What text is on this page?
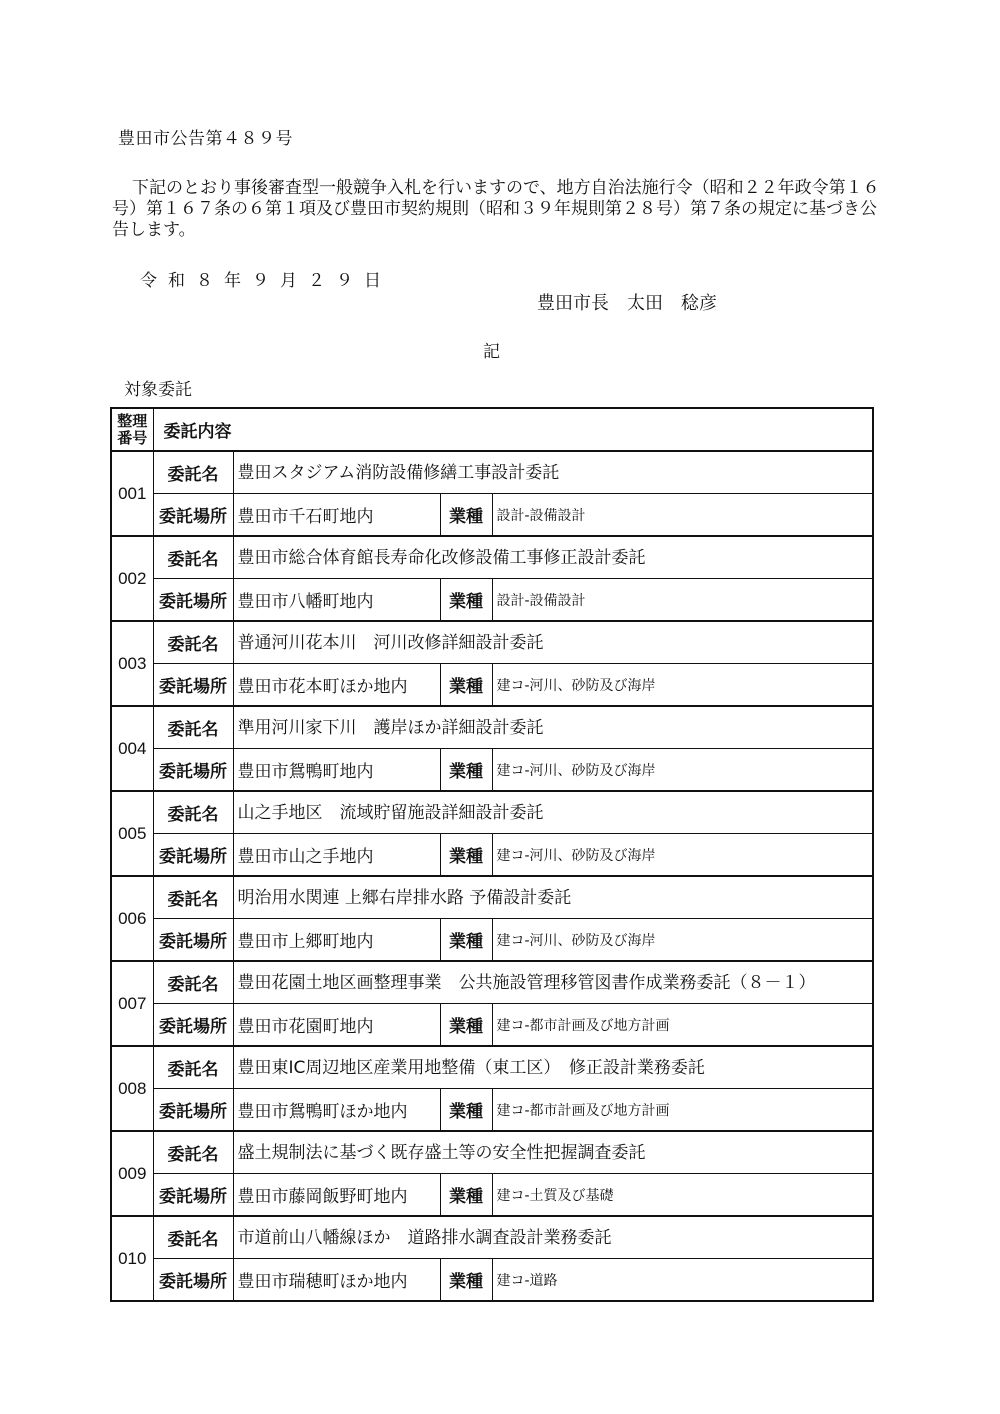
豊田市公告第４８９号

下記のとおり事後審査型一般競争入札を行いますので、地方自治法施行令（昭和２２年政令第１６号）第１６７条の６第１項及び豊田市契約規則（昭和３９年規則第２８号）第７条の規定に基づき公告します。

令和８年９月２９日
豊田市長　太田　稔彦
記
対象委託
整理
番号	委託内容			
001	委託名	豊田スタジアム消防設備修繕工事設計委託		
	委託場所	豊田市千石町地内	業種	設計-設備設計
002	委託名	豊田市総合体育館長寿命化改修設備工事修正設計委託		
	委託場所	豊田市八幡町地内	業種	設計-設備設計
003	委託名	普通河川花本川　河川改修詳細設計委託		
	委託場所	豊田市花本町ほか地内	業種	建コ-河川、砂防及び海岸
004	委託名	準用河川家下川　護岸ほか詳細設計委託		
	委託場所	豊田市鴛鴨町地内	業種	建コ-河川、砂防及び海岸
005	委託名	山之手地区　流域貯留施設詳細設計委託		
	委託場所	豊田市山之手地内	業種	建コ-河川、砂防及び海岸
006	委託名	明治用水関連 上郷右岸排水路 予備設計委託		
	委託場所	豊田市上郷町地内	業種	建コ-河川、砂防及び海岸
007	委託名	豊田花園土地区画整理事業　公共施設管理移管図書作成業務委託（８－１）		
	委託場所	豊田市花園町地内	業種	建コ-都市計画及び地方計画
008	委託名	豊田東IC周辺地区産業用地整備（東工区）　修正設計業務委託		
	委託場所	豊田市鴛鴨町ほか地内	業種	建コ-都市計画及び地方計画
009	委託名	盛土規制法に基づく既存盛土等の安全性把握調査委託		
	委託場所	豊田市藤岡飯野町地内	業種	建コ-土質及び基礎
010	委託名	市道前山八幡線ほか　道路排水調査設計業務委託		
	委託場所	豊田市瑞穂町ほか地内	業種	建コ-道路
